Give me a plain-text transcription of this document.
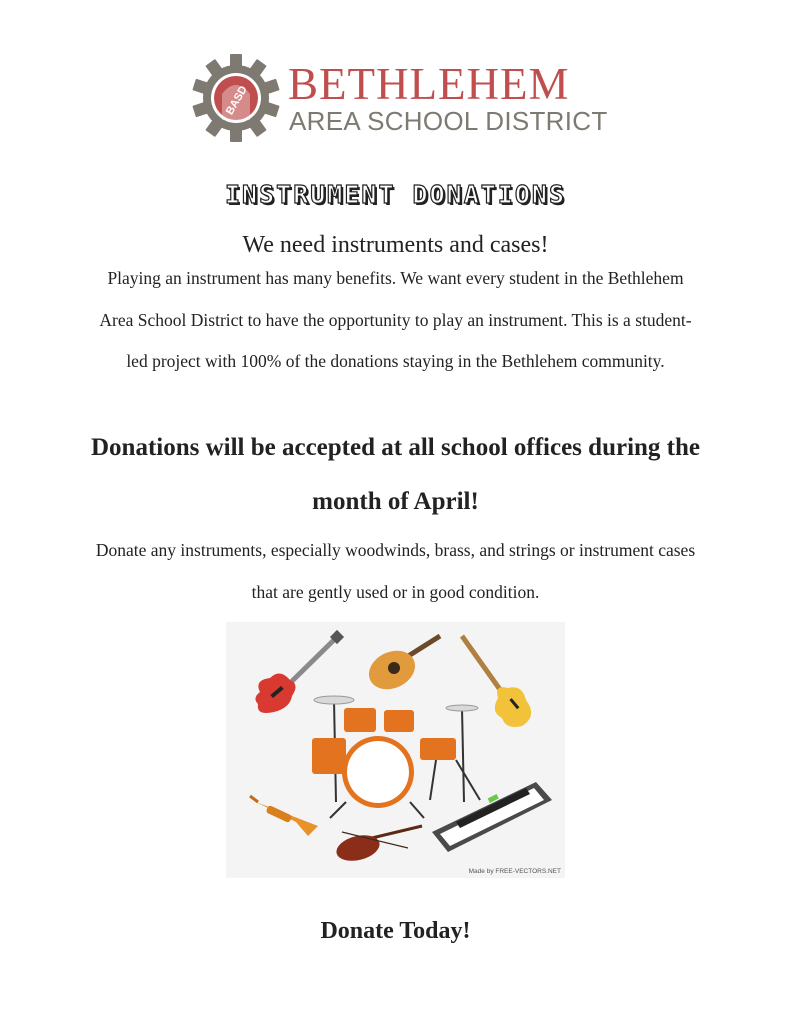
BASD BETHLEHEM
AREA SCHOOL DISTRICT
INSTRUMENT DONATIONS
We need instruments and cases!
Playing an instrument has many benefits. We want every student in the Bethlehem Area School District to have the opportunity to play an instrument. This is a student-led project with 100% of the donations staying in the Bethlehem community.
Donations will be accepted at all school offices during the month of April!
Donate any instruments, especially woodwinds, brass, and strings or instrument cases that are gently used or in good condition.
Made by FREE-VECTORS.NET
Donate Today!
